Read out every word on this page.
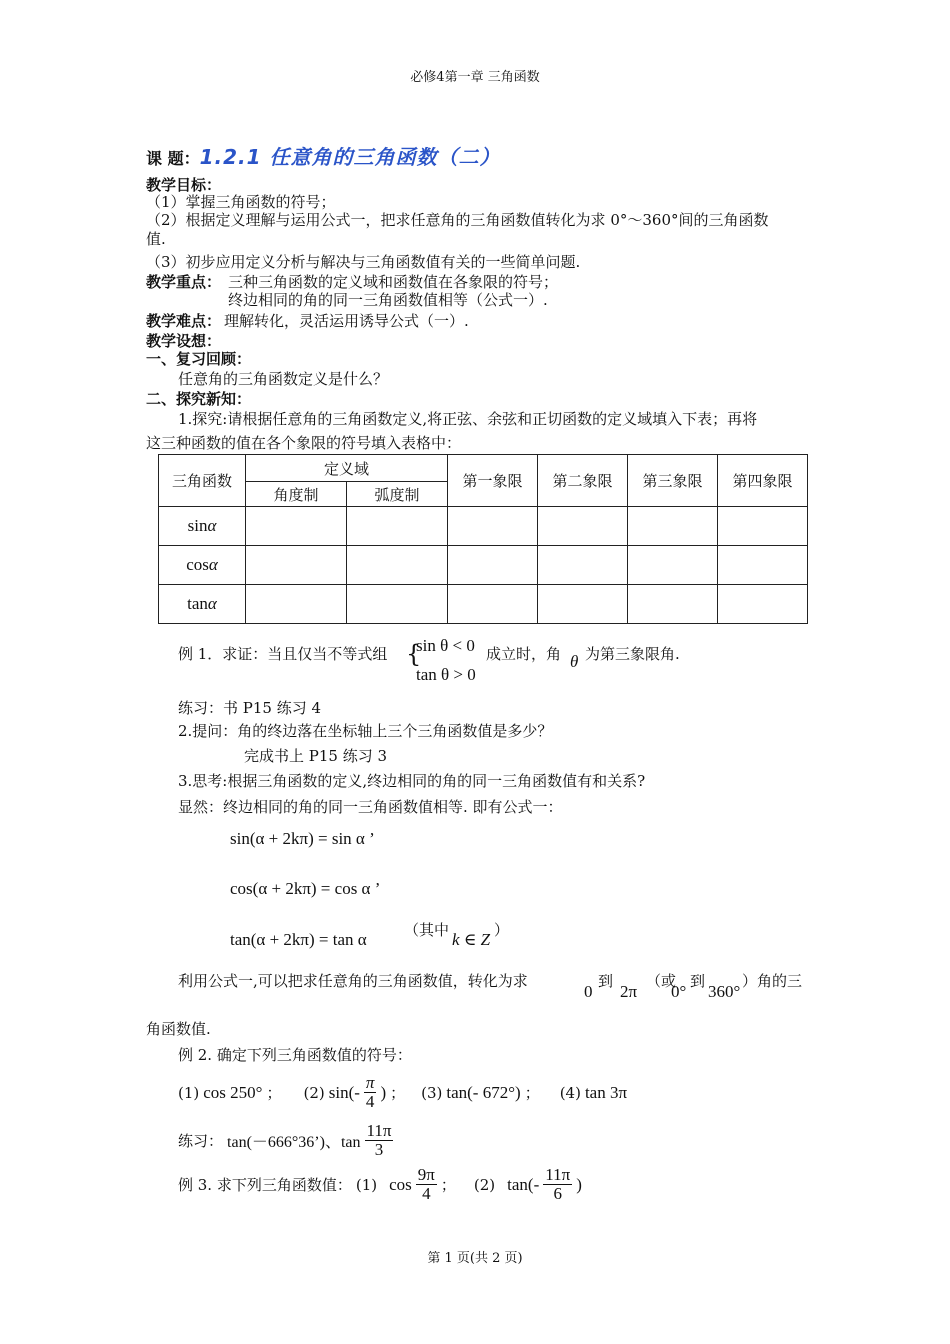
必修4第一章 三角函数
课 题：1.2.1 任意角的三角函数（二）
教学目标：
（1）掌握三角函数的符号；
（2）根据定义理解与运用公式一，把求任意角的三角函数值转化为求 0°～360°间的三角函数
值.
（3）初步应用定义分析与解决与三角函数值有关的一些简单问题.
教学重点： 三种三角函数的定义域和函数值在各象限的符号；
终边相同的角的同一三角函数值相等（公式一）.
教学难点： 理解转化，灵活运用诱导公式（一）.
教学设想：
一、复习回顾：
任意角的三角函数定义是什么？
二、探究新知：
1.探究:请根据任意角的三角函数定义,将正弦、余弦和正切函数的定义域填入下表；再将
这三种函数的值在各个象限的符号填入表格中：
三角函数	定义域		第一象限	第二象限	第三象限	第四象限
	角度制	弧度制				
sinα						
cosα						
tanα						
例 1．求证：当且仅当不等式组 {
sin θ < 0
tan θ > 0
成立时，角 θ 为第三象限角.
练习：书 P15 练习 4
2.提问：角的终边落在坐标轴上三个三角函数值是多少？
完成书上 P15 练习 3
3.思考:根据三角函数的定义,终边相同的角的同一三角函数值有和关系?
显然：终边相同的角的同一三角函数值相等. 即有公式一：
sin(α + 2kπ) = sin α ’
cos(α + 2kπ) = cos α ’
tan(α + 2kπ) = tan α （其中 k ∈ Z ）
利用公式一,可以把求任意角的三角函数值，转化为求
0
到
2π
（或
0°
到
360°
）角的三
角函数值.
例 2. 确定下列三角函数值的符号：
(1) cos 250° ； (2) $\sin(- \frac{\pi}{4}$ ) ； (3) tan(- 672°) ； (4) tan 3π
练习： tan(－666°36’)、$\tan \frac{11\pi}{3}$
例 3. 求下列三角函数值： (1) $\cos \frac{9\pi}{4}$ ； (2) $\tan(- \frac{11\pi}{6}$ )
第 1 页(共 2 页)
